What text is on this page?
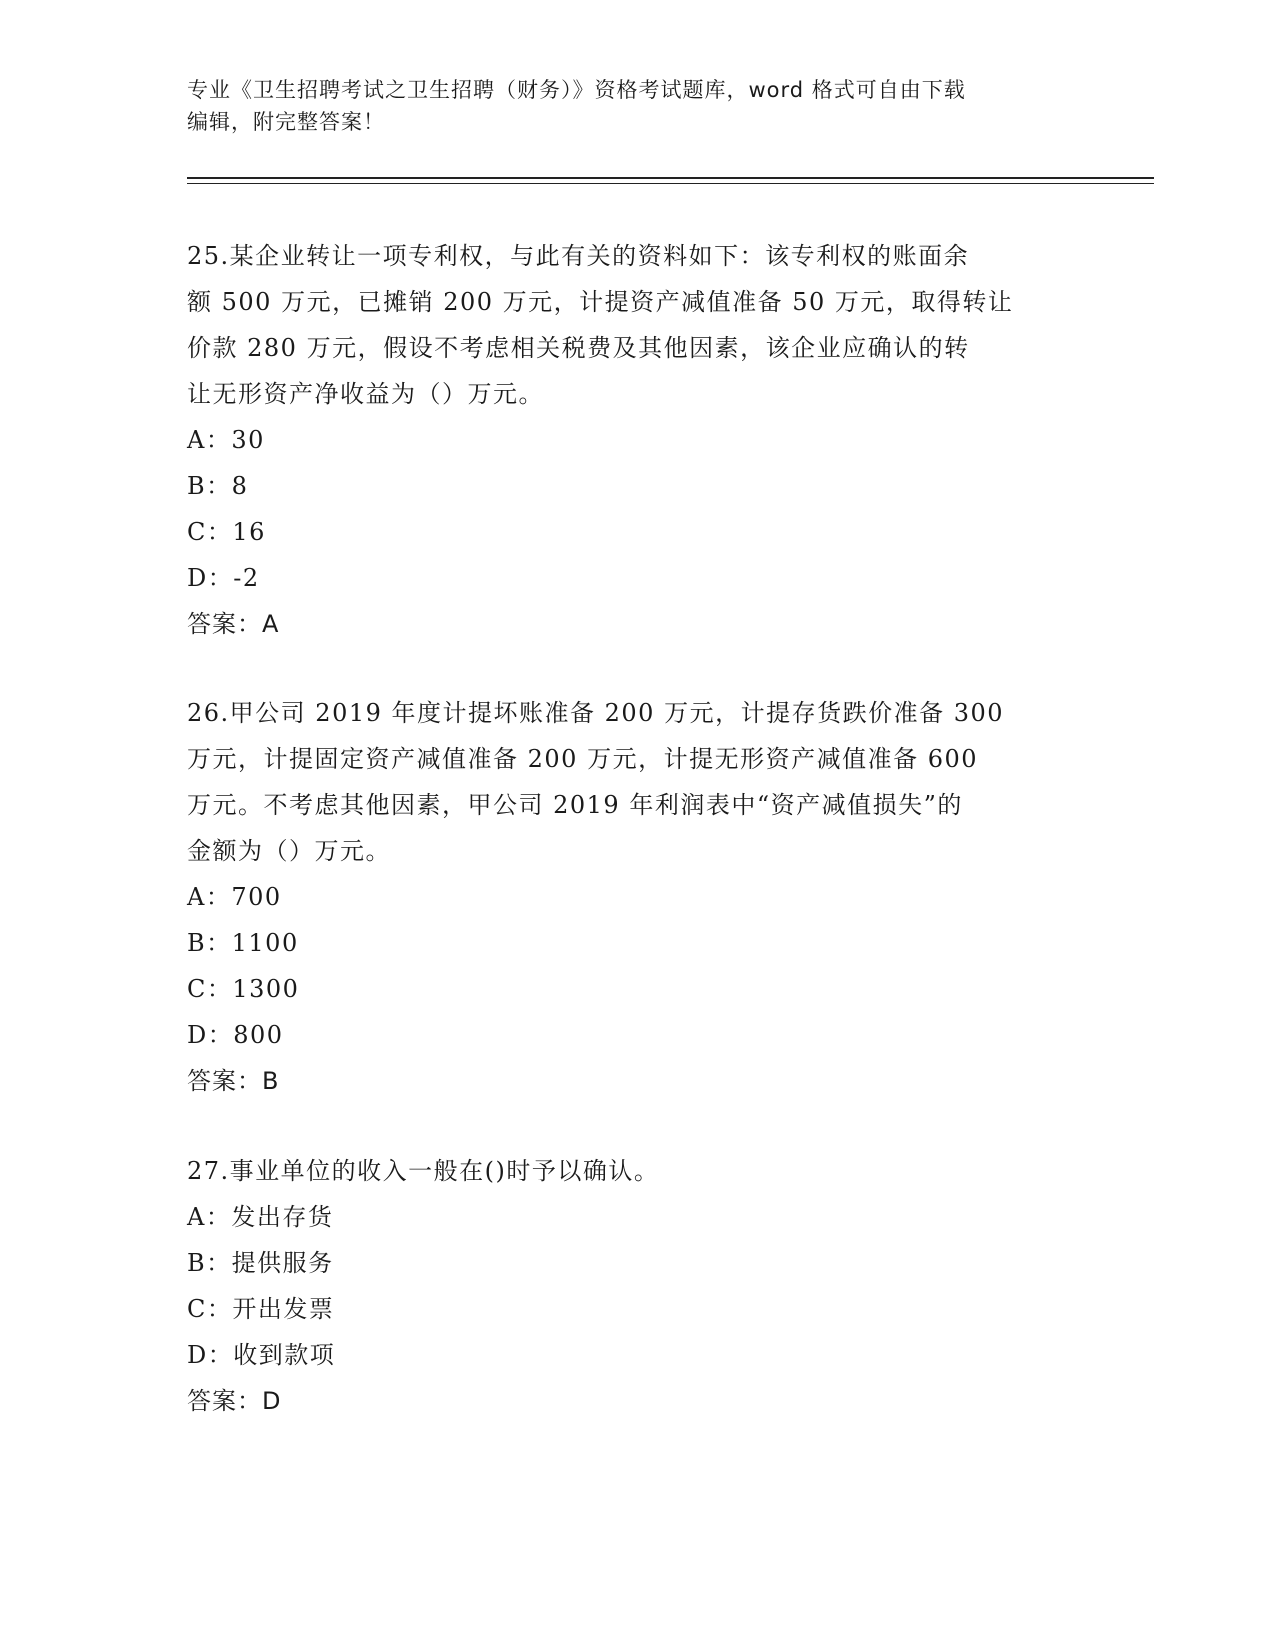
专业《卫生招聘考试之卫生招聘（财务）》资格考试题库，word 格式可自由下载
编辑，附完整答案！

25.某企业转让一项专利权，与此有关的资料如下：该专利权的账面余

额 500 万元，已摊销 200 万元，计提资产减值准备 50 万元，取得转让

价款 280 万元，假设不考虑相关税费及其他因素，该企业应确认的转

让无形资产净收益为（）万元。

A：30

B：8

C：16

D：-2

答案：A

26.甲公司 2019 年度计提坏账准备 200 万元，计提存货跌价准备 300

万元，计提固定资产减值准备 200 万元，计提无形资产减值准备 600

万元。不考虑其他因素，甲公司 2019 年利润表中“资产减值损失”的

金额为（）万元。

A：700

B：1100

C：1300

D：800

答案：B

27.事业单位的收入一般在()时予以确认。

A：发出存货

B：提供服务

C：开出发票

D：收到款项

答案：D
